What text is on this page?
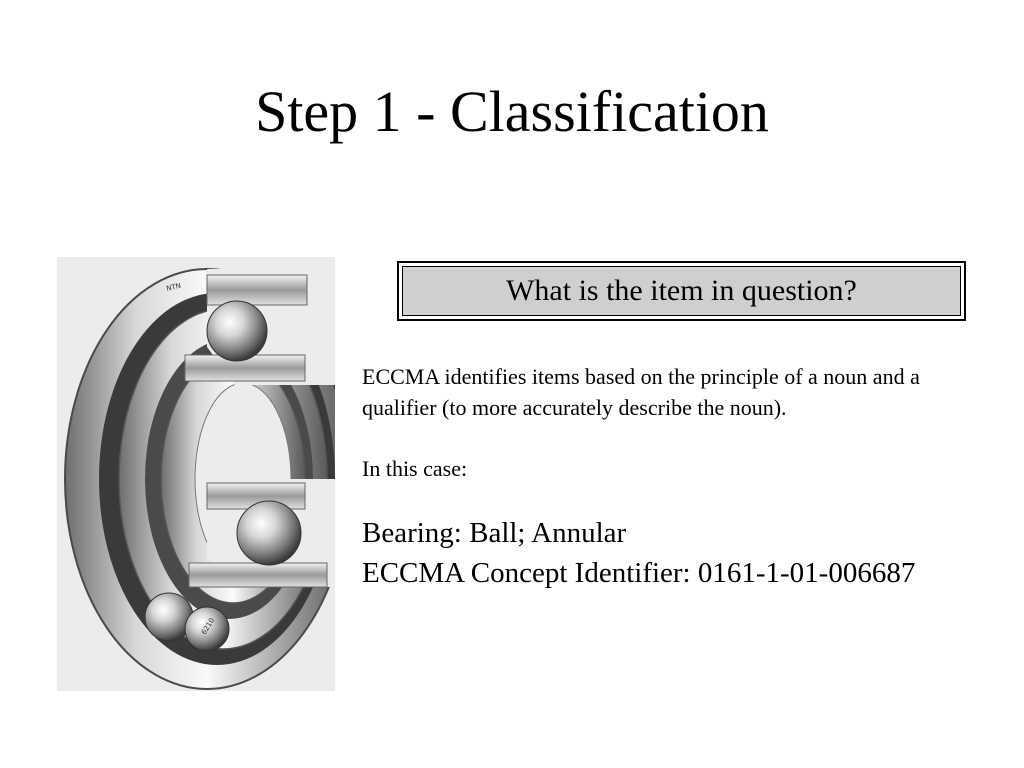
Step 1 - Classification
NTN
6210
What is the item in question?
ECCMA identifies items based on the principle of a noun and a qualifier (to more accurately describe the noun).
In this case:
Bearing: Ball; Annular
ECCMA Concept Identifier: 0161-1-01-006687
